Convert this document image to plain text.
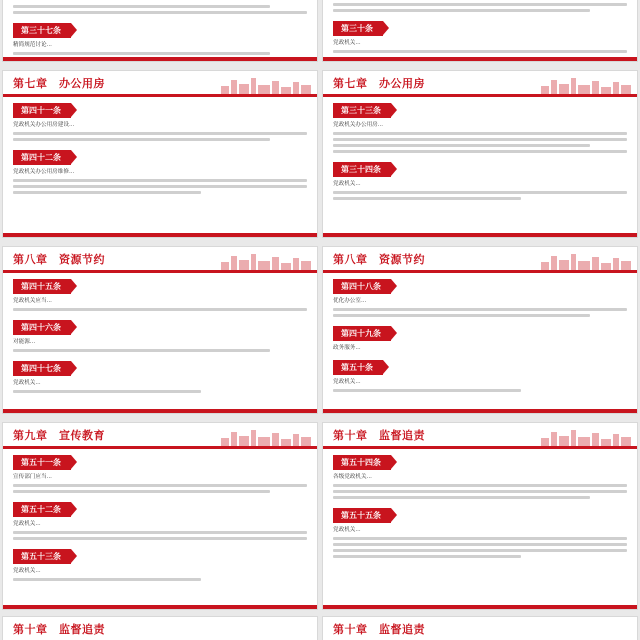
第三十七条
精简规范讨论...
第三十条
党政机关...
第七章　办公用房
第四十一条
党政机关办公用房建设...
第四十二条
党政机关办公用房维修...
第七章　办公用房
第三十三条
党政机关办公用房...
第三十四条
党政机关...
第八章　资源节约
第四十五条
党政机关应当...
第四十六条
对能源...
第四十七条
党政机关...
第八章　资源节约
第四十八条
优化办公室...
第四十九条
政务服务...
第五十条
党政机关...
第九章　宣传教育
第五十一条
宣传部门应当...
第五十二条
党政机关...
第五十三条
党政机关...
第十章　监督追责
第五十四条
各级党政机关...
第五十五条
党政机关...
第十章　监督追责	第十章　监督追责
